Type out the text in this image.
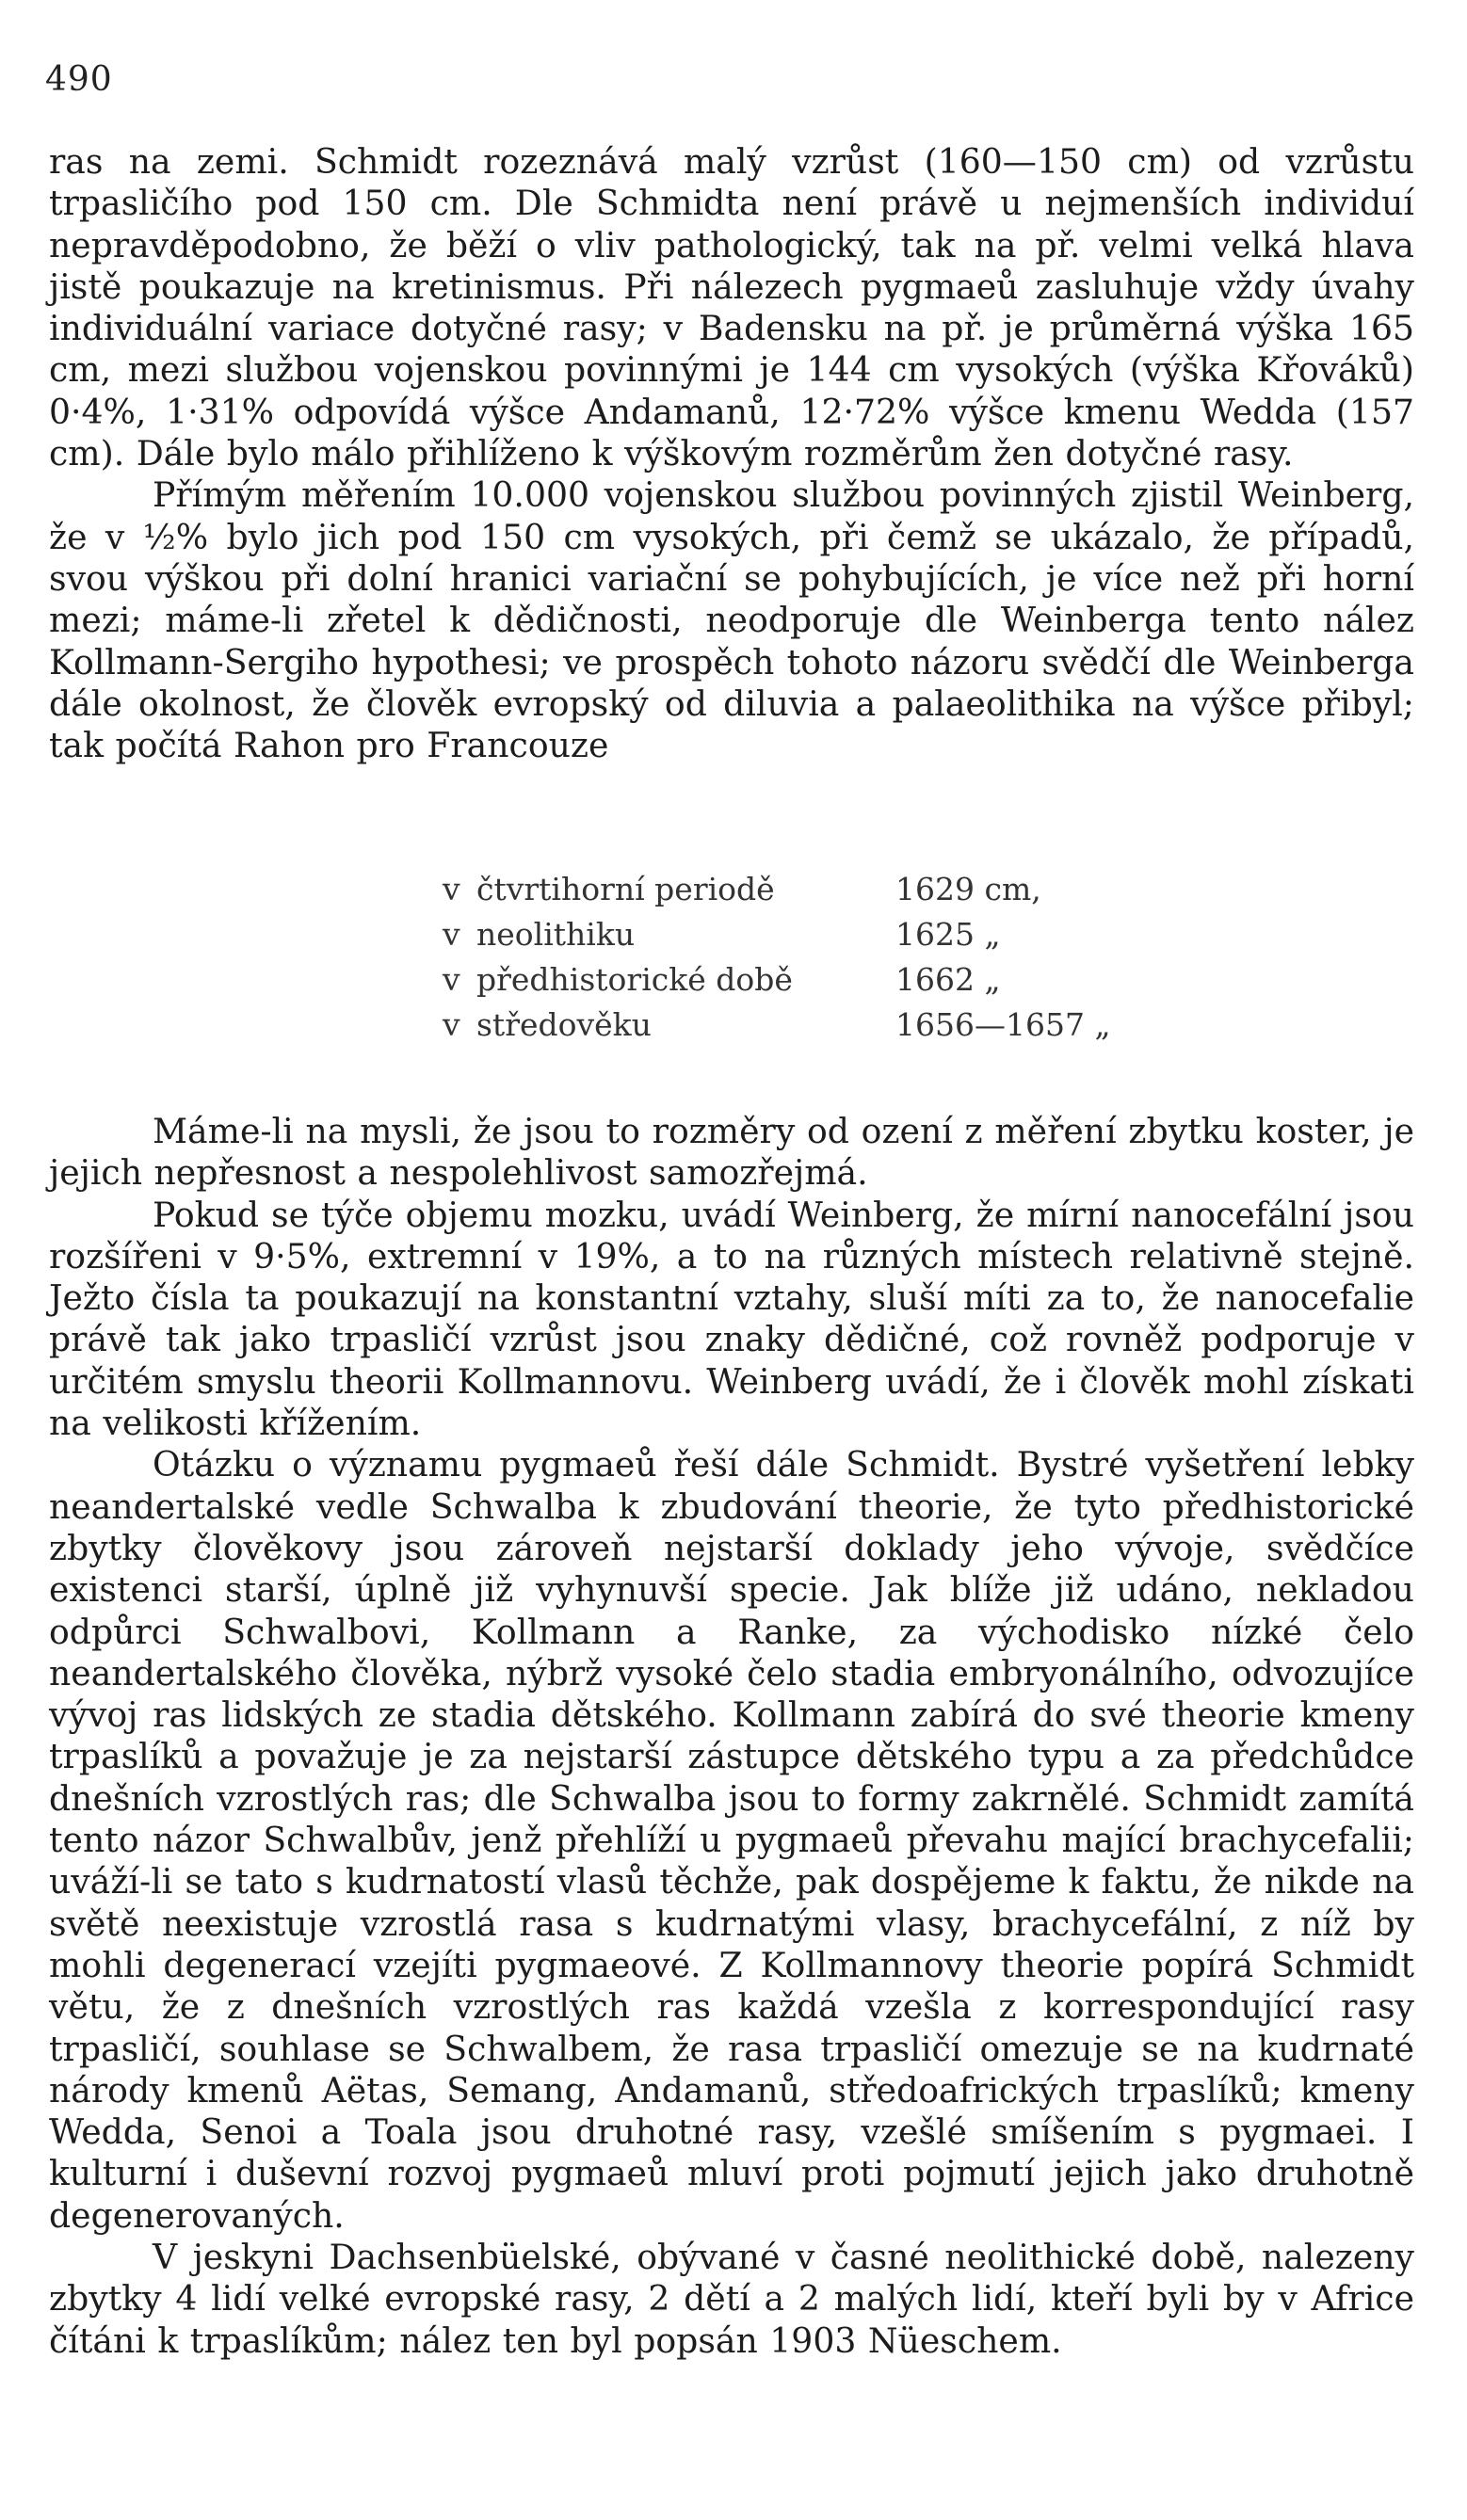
490

ras na zemi. Schmidt rozeznává malý vzrůst (160—150 cm) od vzrůstu trpasličího pod 150 cm. Dle Schmidta není právě u nejmenších individuí nepravděpodobno, že běží o vliv pathologický, tak na př. velmi velká hlava jistě poukazuje na kretinismus. Při nálezech pygmaeů zasluhuje vždy úvahy individuální variace dotyčné rasy; v Badensku na př. je průměrná výška 165 cm, mezi službou vojenskou povinnými je 144 cm vysokých (výška Křováků) 0·4%, 1·31% odpovídá výšce Andamanů, 12·72% výšce kmenu Wedda (157 cm). Dále bylo málo přihlíženo k výškovým rozměrům žen dotyčné rasy.

Přímým měřením 10.000 vojenskou službou povinných zjistil Weinberg, že v ½% bylo jich pod 150 cm vysokých, při čemž se ukázalo, že případů, svou výškou při dolní hranici variační se pohybujících, je více než při horní mezi; máme-li zřetel k dědičnosti, neodporuje dle Weinberga tento nález Kollmann-Sergiho hypothesi; ve prospěch tohoto názoru svědčí dle Weinberga dále okolnost, že člověk evropský od diluvia a palaeolithika na výšce přibyl; tak počítá Rahon pro Francouze

v čtvrtihorní periodě	1629 cm,
v neolithiku	1625 „
v předhistorické době	1662 „
v středověku	1656—1657 „

Máme-li na mysli, že jsou to rozměry od ození z měření zbytku koster, je jejich nepřesnost a nespolehlivost samozřejmá.

Pokud se týče objemu mozku, uvádí Weinberg, že mírní nanocefální jsou rozšířeni v 9·5%, extremní v 19%, a to na různých místech relativně stejně. Ježto čísla ta poukazují na konstantní vztahy, sluší míti za to, že nanocefalie právě tak jako trpasličí vzrůst jsou znaky dědičné, což rovněž podporuje v určitém smyslu theorii Kollmannovu. Weinberg uvádí, že i člověk mohl získati na velikosti křížením.

Otázku o významu pygmaeů řeší dále Schmidt. Bystré vyšetření lebky neandertalské vedle Schwalba k zbudování theorie, že tyto předhistorické zbytky člověkovy jsou zároveň nejstarší doklady jeho vývoje, svědčíce existenci starší, úplně již vyhynuvší specie. Jak blíže již udáno, nekladou odpůrci Schwalbovi, Kollmann a Ranke, za východisko nízké čelo neandertalského člověka, nýbrž vysoké čelo stadia embryonálního, odvozujíce vývoj ras lidských ze stadia dětského. Kollmann zabírá do své theorie kmeny trpaslíků a považuje je za nejstarší zástupce dětského typu a za předchůdce dnešních vzrostlých ras; dle Schwalba jsou to formy zakrnělé. Schmidt zamítá tento názor Schwalbův, jenž přehlíží u pygmaeů převahu mající brachycefalii; uváží-li se tato s kudrnatostí vlasů těchže, pak dospějeme k faktu, že nikde na světě neexistuje vzrostlá rasa s kudrnatými vlasy, brachycefální, z níž by mohli degenerací vzejíti pygmaeové. Z Kollmannovy theorie popírá Schmidt větu, že z dnešních vzrostlých ras každá vzešla z korrespondující rasy trpasličí, souhlase se Schwalbem, že rasa trpasličí omezuje se na kudrnaté národy kmenů Aëtas, Semang, Andamanů, středoafrických trpaslíků; kmeny Wedda, Senoi a Toala jsou druhotné rasy, vzešlé smíšením s pygmaei. I kulturní i duševní rozvoj pygmaeů mluví proti pojmutí jejich jako druhotně degenerovaných.

V jeskyni Dachsenbüelské, obývané v časné neolithické době, nalezeny zbytky 4 lidí velké evropské rasy, 2 dětí a 2 malých lidí, kteří byli by v Africe čítáni k trpaslíkům; nález ten byl popsán 1903 Nüeschem.
